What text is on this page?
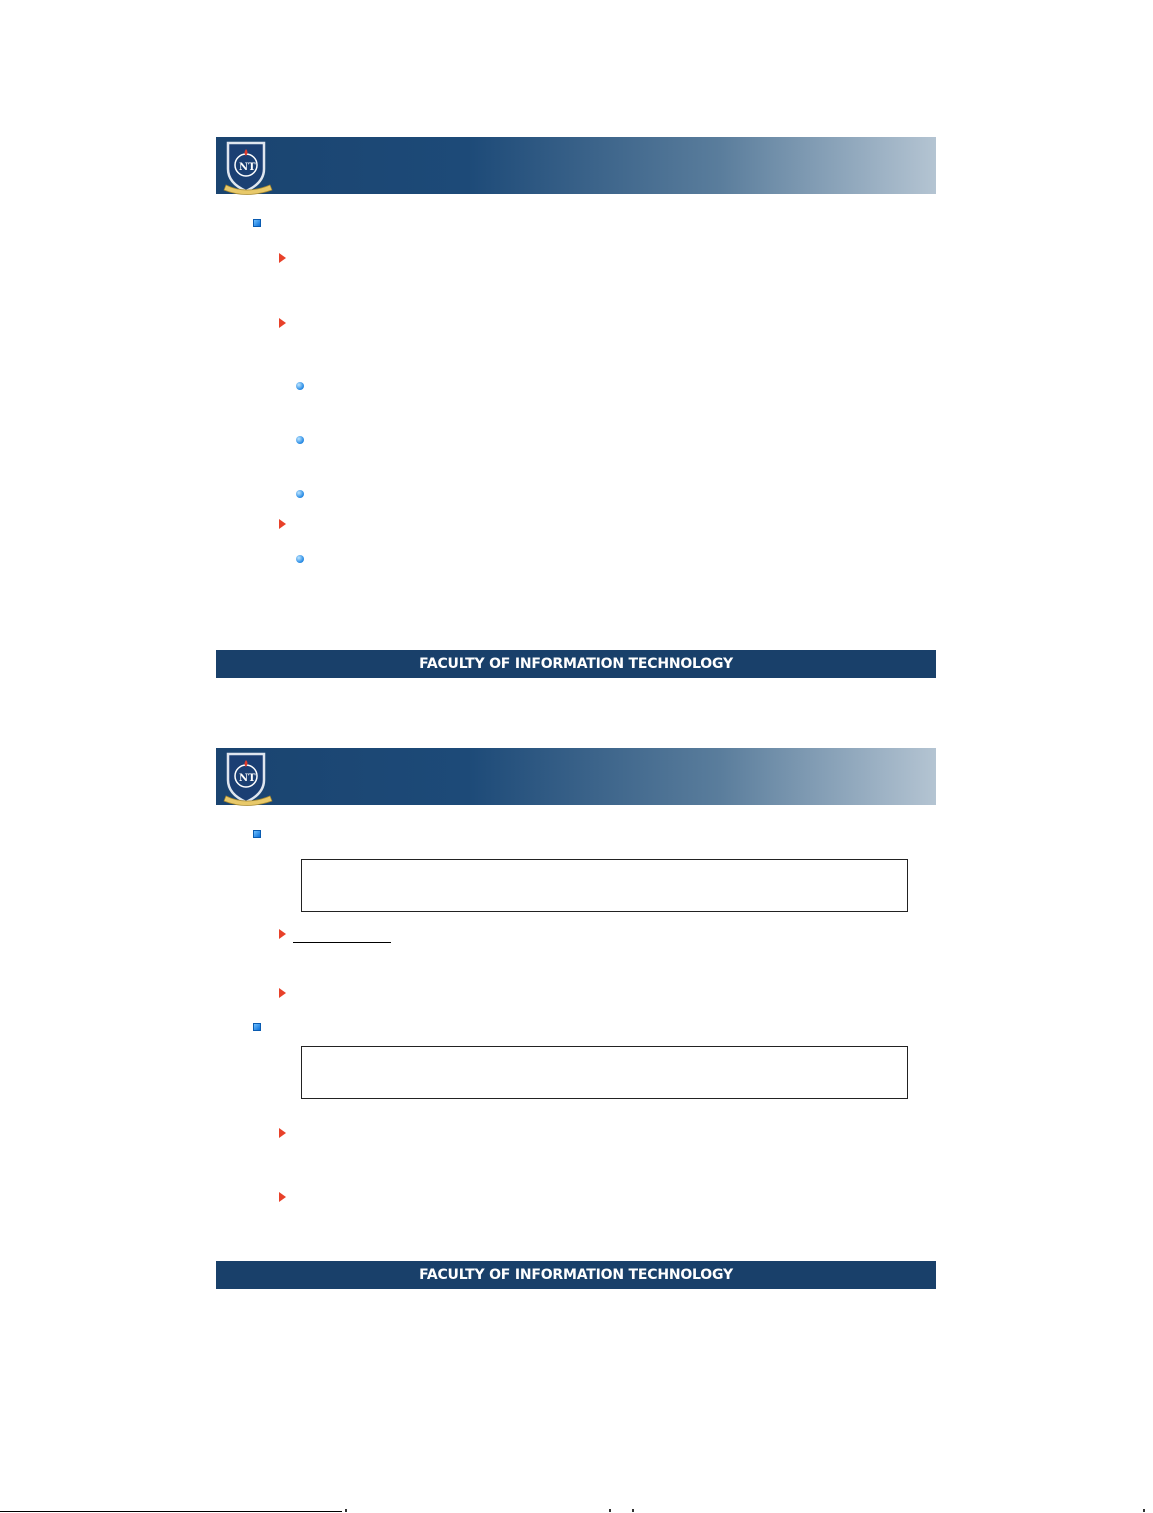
NT
FACULTY OF INFORMATION TECHNOLOGY
NT
FACULTY OF INFORMATION TECHNOLOGY
